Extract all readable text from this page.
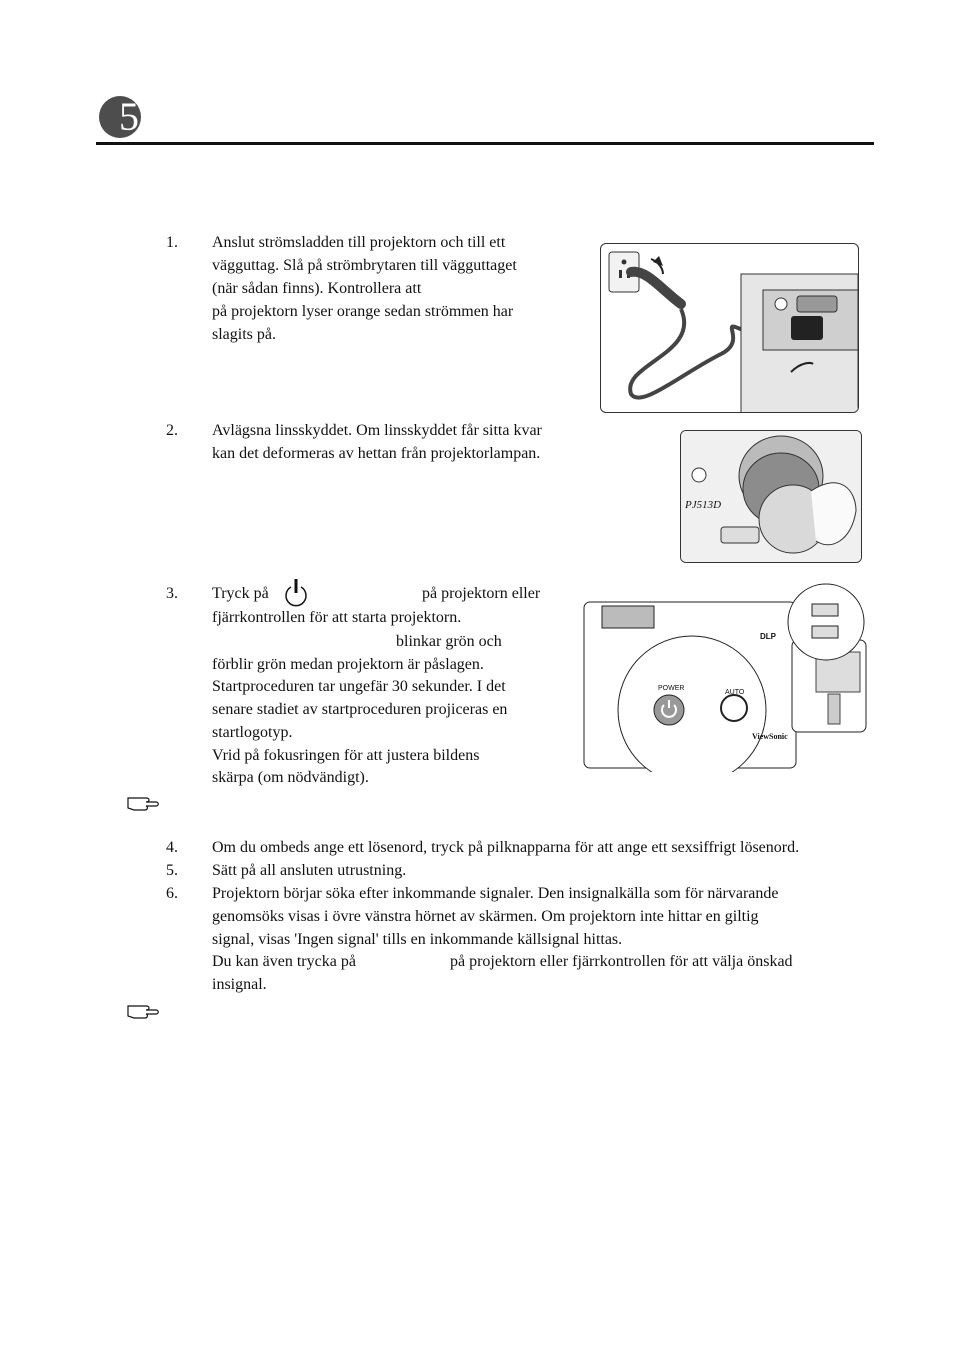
5
1. Anslut strömsladden till projektorn och till ett
vägguttag. Slå på strömbrytaren till vägguttaget
(när sådan finns). Kontrollera att
på projektorn lyser orange sedan strömmen har
slagits på.
2. Avlägsna linsskyddet. Om linsskyddet får sitta kvar
kan det deformeras av hettan från projektorlampan.
PJ513D
3. Tryck på	på projektorn eller
fjärrkontrollen för att starta projektorn.
blinkar grön och
förblir grön medan projektorn är påslagen.
Startproceduren tar ungefär 30 sekunder. I det
senare stadiet av startproceduren projiceras en
startlogotyp.
Vrid på fokusringen för att justera bildens
skärpa (om nödvändigt).
POWER
AUTO
DLP
ViewSonic
4. Om du ombeds ange ett lösenord, tryck på pilknapparna för att ange ett sexsiffrigt lösenord.
5. Sätt på all ansluten utrustning.
6. Projektorn börjar söka efter inkommande signaler. Den insignalkälla som för närvarande
genomsöks visas i övre vänstra hörnet av skärmen. Om projektorn inte hittar en giltig
signal, visas 'Ingen signal' tills en inkommande källsignal hittas.
Du kan även trycka på	på projektorn eller fjärrkontrollen för att välja önskad
insignal.
